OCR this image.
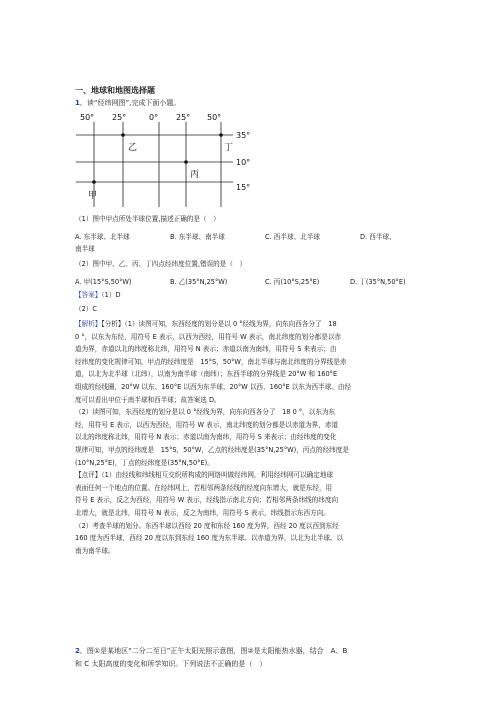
一、地球和地图选择题
1．读“经纬网图”,完成下面小题。
50° 25°	0° 25° 50°
35°
10°
15°
乙	丁
丙
甲
（1）图中甲点所处半球位置,描述正确的是（　）
A. 东半球、北半球	B. 东半球、南半球	C. 西半球、北半球	D. 西半球、
南半球
（2）图中甲、乙、丙、丁四点经纬度位置,错误的是（　）
A. 甲(15°S,50°W)	B. 乙(35°N,25°W)	C. 丙(10°S,25°E)	D. 丁(35°N,50°E)
【答案】（1）D
（2）C
【解析】【分析】（1）读图可知，东西经度的划分是以 0 °经线为界，向东向西各分了　18
0 °，以东为东经，用符号 E 表示，以西为西经，用符号 W 表示，南北纬度的划分都是以赤
道为界，赤道以北的纬度称北纬，用符号 N 表示；赤道以南为南纬，用符号 S 来表示；由
经纬度的变化规律可知，甲点的经纬度是　15°S，50°W，南北半球与南北纬度的分界线是赤
道，以北为北半球（北纬），以南为南半球（南纬）；东西半球的分界线是 20°W 和 160°E
组成的经线圈，20°W 以东、160°E 以西为东半球，20°W 以西、160°E 以东为西半球。由经
度可以看出甲位于南半球和西半球；故答案选 D。
（2）读图可知，东西经度的划分是以 0 °经线为界，向东向西各分了　18 0 °，以东为东
经，用符号 E 表示，以西为西经，用符号 W 表示，南北纬度的划分都是以赤道为界，赤道
以北的纬度称北纬，用符号 N 表示；赤道以南为南纬，用符号 S 来表示；由经纬度的变化
规律可知，甲点的经纬度是　15°S，50°W，乙点的经纬度是(35°N,25°W)，丙点的经纬度是
(10°N,25°E)，丁点的经纬度是(35°N,50°E)。
【点评】（1）由经线和纬线相互交织所构成的网络叫做经纬网，利用经纬网可以确定地球
表面任何一个地点的位置。在经纬网上，若相邻两条经线的经度向东增大，就是东经，用
符号 E 表示，反之为西经，用符号 W 表示，经线指示南北方向；若相邻两条纬线的纬度向
北增大，就是北纬，用符号 N 表示，反之为南纬，用符号 S 表示，纬线指示东西方向。
（2）考查半球的划分。东西半球以西经 20 度和东经 160 度为界，西经 20 度以西到东经
160 度为西半球，西经 20 度以东到东经 160 度为东半球。以赤道为界，以北为北半球。以
南为南半球。
2．图①是某地区“二分二至日”正午太阳光照示意图，图②是太阳能热水器，结合　A、B
和 C 太阳高度的变化和所学知识。下列说法不正确的是（　）
